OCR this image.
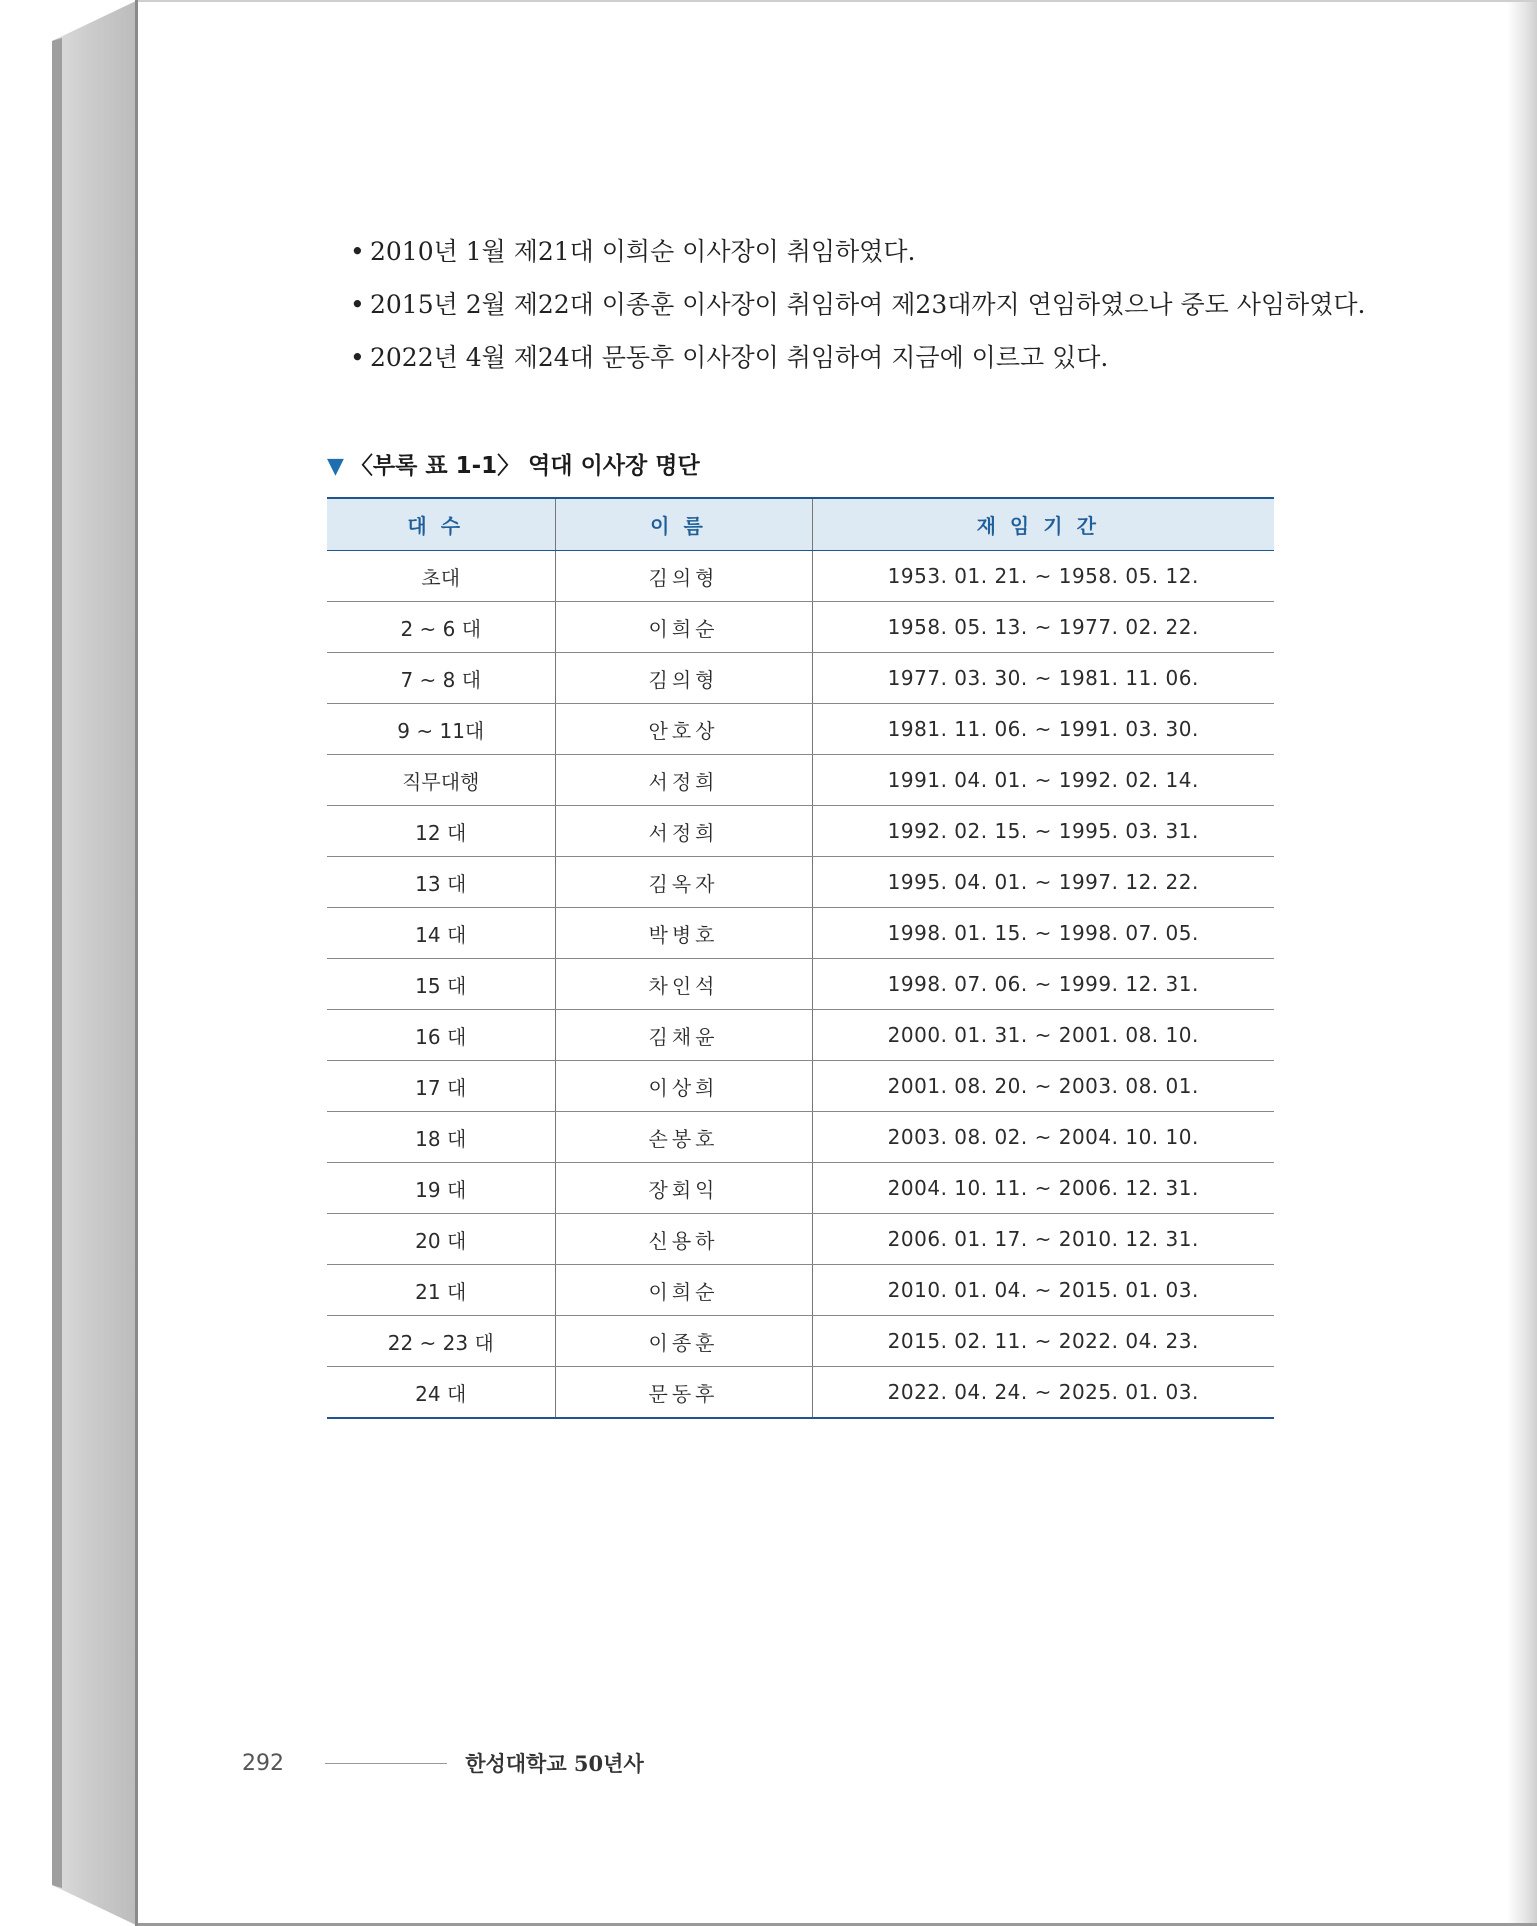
• 2010년 1월 제21대 이희순 이사장이 취임하였다.
• 2015년 2월 제22대 이종훈 이사장이 취임하여 제23대까지 연임하였으나 중도 사임하였다.
• 2022년 4월 제24대 문동후 이사장이 취임하여 지금에 이르고 있다.
▼ 〈부록 표 1-1〉 역대 이사장 명단
대수	이름	재임기간
초대	김의형	1953. 01. 21. ~ 1958. 05. 12.
2 ~ 6 대	이희순	1958. 05. 13. ~ 1977. 02. 22.
7 ~ 8 대	김의형	1977. 03. 30. ~ 1981. 11. 06.
9 ~ 11대	안호상	1981. 11. 06. ~ 1991. 03. 30.
직무대행	서정희	1991. 04. 01. ~ 1992. 02. 14.
12 대	서정희	1992. 02. 15. ~ 1995. 03. 31.
13 대	김옥자	1995. 04. 01. ~ 1997. 12. 22.
14 대	박병호	1998. 01. 15. ~ 1998. 07. 05.
15 대	차인석	1998. 07. 06. ~ 1999. 12. 31.
16 대	김채윤	2000. 01. 31. ~ 2001. 08. 10.
17 대	이상희	2001. 08. 20. ~ 2003. 08. 01.
18 대	손봉호	2003. 08. 02. ~ 2004. 10. 10.
19 대	장회익	2004. 10. 11. ~ 2006. 12. 31.
20 대	신용하	2006. 01. 17. ~ 2010. 12. 31.
21 대	이희순	2010. 01. 04. ~ 2015. 01. 03.
22 ~ 23 대	이종훈	2015. 02. 11. ~ 2022. 04. 23.
24 대	문동후	2022. 04. 24. ~ 2025. 01. 03.
292	한성대학교 50년사
